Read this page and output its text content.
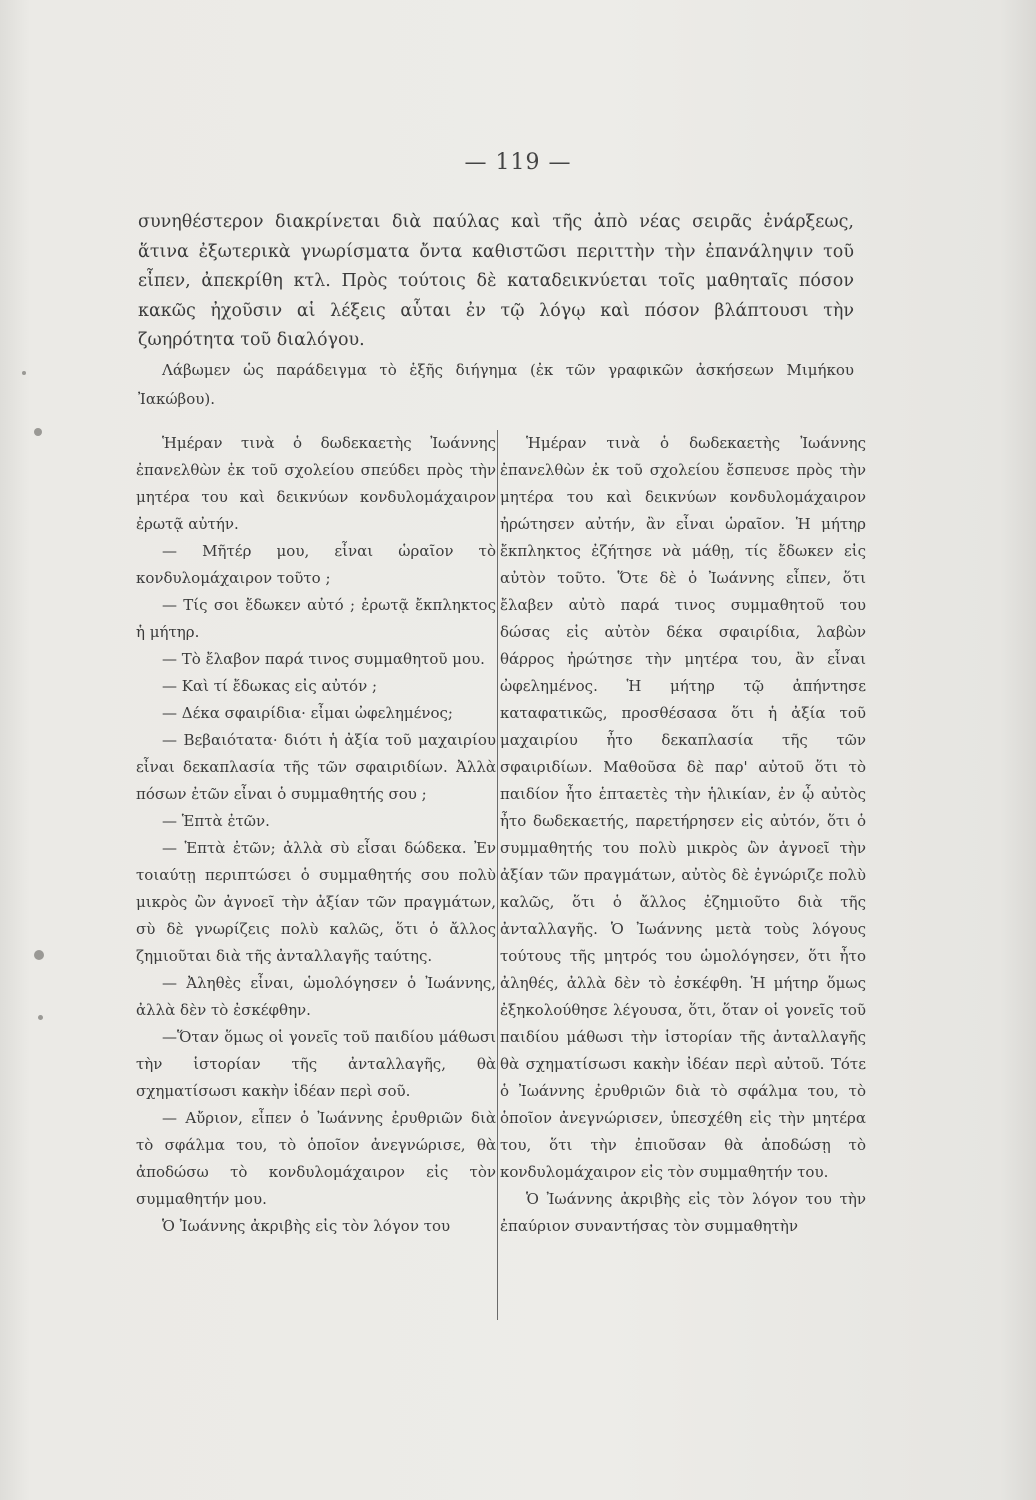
— 119 —

συνηθέστερον διακρίνεται διὰ παύλας καὶ τῆς ἀπὸ νέας σειρᾶς ἐνάρξεως, ἅτινα ἐξωτερικὰ γνωρίσματα ὄντα καθιστῶσι περιττὴν τὴν ἐπανάληψιν τοῦ εἶπεν, ἀπεκρίθη κτλ. Πρὸς τούτοις δὲ καταδεικνύεται τοῖς μαθηταῖς πόσον κακῶς ἠχοῦσιν αἱ λέξεις αὗται ἐν τῷ λόγῳ καὶ πόσον βλάπτουσι τὴν ζωηρότητα τοῦ διαλόγου.

Λάβωμεν ὡς παράδειγμα τὸ ἑξῆς διήγημα (ἐκ τῶν γραφικῶν ἀσκήσεων Μιμήκου Ἰακώβου).

Ἡμέραν τινὰ ὁ δωδεκαετὴς Ἰωάννης ἐπανελθὼν ἐκ τοῦ σχολείου σπεύδει πρὸς τὴν μητέρα του καὶ δεικνύων κονδυλομάχαιρον ἐρωτᾷ αὐτήν.

— Μῆτέρ μου, εἶναι ὡραῖον τὸ κονδυλομάχαιρον τοῦτο ;

— Τίς σοι ἔδωκεν αὐτό ; ἐρωτᾷ ἔκπληκτος ἡ μήτηρ.

— Τὸ ἔλαβον παρά τινος συμμαθητοῦ μου.

— Καὶ τί ἔδωκας εἰς αὐτόν ;

— Δέκα σφαιρίδια· εἶμαι ὠφελημένος;

— Βεβαιότατα· διότι ἡ ἀξία τοῦ μαχαιρίου εἶναι δεκαπλασία τῆς τῶν σφαιριδίων. Ἀλλὰ πόσων ἐτῶν εἶναι ὁ συμμαθητής σου ;

— Ἑπτὰ ἐτῶν.

— Ἑπτὰ ἐτῶν; ἀλλὰ σὺ εἶσαι δώδεκα. Ἐν τοιαύτῃ περιπτώσει ὁ συμμαθητής σου πολὺ μικρὸς ὢν ἀγνοεῖ τὴν ἀξίαν τῶν πραγμάτων, σὺ δὲ γνωρίζεις πολὺ καλῶς, ὅτι ὁ ἄλλος ζημιοῦται διὰ τῆς ἀνταλλαγῆς ταύτης.

— Ἀληθὲς εἶναι, ὡμολόγησεν ὁ Ἰωάννης, ἀλλὰ δὲν τὸ ἐσκέφθην.

—Ὅταν ὅμως οἱ γονεῖς τοῦ παιδίου μάθωσι τὴν ἱστορίαν τῆς ἀνταλλαγῆς, θὰ σχηματίσωσι κακὴν ἰδέαν περὶ σοῦ.

— Αὔριον, εἶπεν ὁ Ἰωάννης ἐρυθριῶν διὰ τὸ σφάλμα του, τὸ ὁποῖον ἀνεγνώρισε, θὰ ἀποδώσω τὸ κονδυλομάχαιρον εἰς τὸν συμμαθητήν μου.

Ὁ Ἰωάννης ἀκριβὴς εἰς τὸν λόγον του

Ἡμέραν τινὰ ὁ δωδεκαετὴς Ἰωάννης ἐπανελθὼν ἐκ τοῦ σχολείου ἔσπευσε πρὸς τὴν μητέρα του καὶ δεικνύων κονδυλομάχαιρον ἠρώτησεν αὐτήν, ἂν εἶναι ὡραῖον. Ἡ μήτηρ ἔκπληκτος ἐζήτησε νὰ μάθῃ, τίς ἔδωκεν εἰς αὐτὸν τοῦτο. Ὅτε δὲ ὁ Ἰωάννης εἶπεν, ὅτι ἔλαβεν αὐτὸ παρά τινος συμμαθητοῦ του δώσας εἰς αὐτὸν δέκα σφαιρίδια, λαβὼν θάρρος ἠρώτησε τὴν μητέρα του, ἂν εἶναι ὠφελημένος. Ἡ μήτηρ τῷ ἀπήντησε καταφατικῶς, προσθέσασα ὅτι ἡ ἀξία τοῦ μαχαιρίου ἦτο δεκαπλασία τῆς τῶν σφαιριδίων. Μαθοῦσα δὲ παρ' αὐτοῦ ὅτι τὸ παιδίον ἦτο ἑπταετὲς τὴν ἡλικίαν, ἐν ᾧ αὐτὸς ἦτο δωδεκαετής, παρετήρησεν εἰς αὐτόν, ὅτι ὁ συμμαθητής του πολὺ μικρὸς ὢν ἀγνοεῖ τὴν ἀξίαν τῶν πραγμάτων, αὐτὸς δὲ ἐγνώριζε πολὺ καλῶς, ὅτι ὁ ἄλλος ἐζημιοῦτο διὰ τῆς ἀνταλλαγῆς. Ὁ Ἰωάννης μετὰ τοὺς λόγους τούτους τῆς μητρός του ὡμολόγησεν, ὅτι ἦτο ἀληθές, ἀλλὰ δὲν τὸ ἐσκέφθη. Ἡ μήτηρ ὅμως ἐξηκολούθησε λέγουσα, ὅτι, ὅταν οἱ γονεῖς τοῦ παιδίου μάθωσι τὴν ἱστορίαν τῆς ἀνταλλαγῆς θὰ σχηματίσωσι κακὴν ἰδέαν περὶ αὐτοῦ. Τότε ὁ Ἰωάννης ἐρυθριῶν διὰ τὸ σφάλμα του, τὸ ὁποῖον ἀνεγνώρισεν, ὑπεσχέθη εἰς τὴν μητέρα του, ὅτι τὴν ἐπιοῦσαν θὰ ἀποδώσῃ τὸ κονδυλομάχαιρον εἰς τὸν συμμαθητήν του.

Ὁ Ἰωάννης ἀκριβὴς εἰς τὸν λόγον του τὴν ἐπαύριον συναντήσας τὸν συμμαθητὴν
